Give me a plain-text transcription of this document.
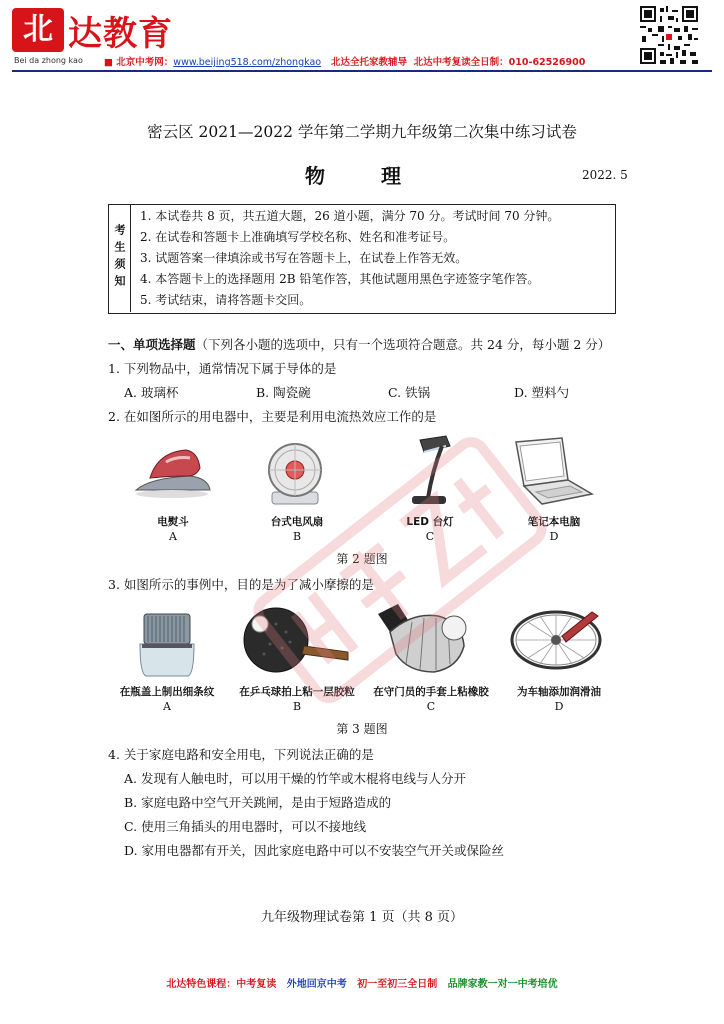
北 达教育
Bei da zhong kao ■ 北京中考网：www.beijing518.com/zhongkao 北达全托家教辅导 北达中考复读全日制：010-62526900
密云区 2021—2022 学年第二学期九年级第二次集中练习试卷
物　理	2022. 5
考生须知
1. 本试卷共 8 页，共五道大题，26 道小题，满分 70 分。考试时间 70 分钟。
2. 在试卷和答题卡上准确填写学校名称、姓名和准考证号。
3. 试题答案一律填涂或书写在答题卡上，在试卷上作答无效。
4. 本答题卡上的选择题用 2B 铅笔作答，其他试题用黑色字迹签字笔作答。
5. 考试结束，请将答题卡交回。
一、单项选择题（下列各小题的选项中，只有一个选项符合题意。共 24 分，每小题 2 分）
1. 下列物品中，通常情况下属于导体的是
A. 玻璃杯	B. 陶瓷碗	C. 铁锅	D. 塑料勺
2. 在如图所示的用电器中，主要是利用电流热效应工作的是
电熨斗	台式电风扇	LED 台灯	笔记本电脑
A	B	C	D
第 2 题图
3. 如图所示的事例中，目的是为了减小摩擦的是
在瓶盖上制出细条纹	在乒乓球拍上粘一层胶粒	在守门员的手套上粘橡胶	为车轴添加润滑油
A	B	C	D
第 3 题图
4. 关于家庭电路和安全用电，下列说法正确的是
A. 发现有人触电时，可以用干燥的竹竿或木棍将电线与人分开
B. 家庭电路中空气开关跳闸，是由于短路造成的
C. 使用三角插头的用电器时，可以不接地线
D. 家用电器都有开关，因此家庭电路中可以不安装空气开关或保险丝
九年级物理试卷第 1 页（共 8 页）
北达特色课程：中考复读 外地回京中考 初一至初三全日制 品牌家教一对一中考培优
